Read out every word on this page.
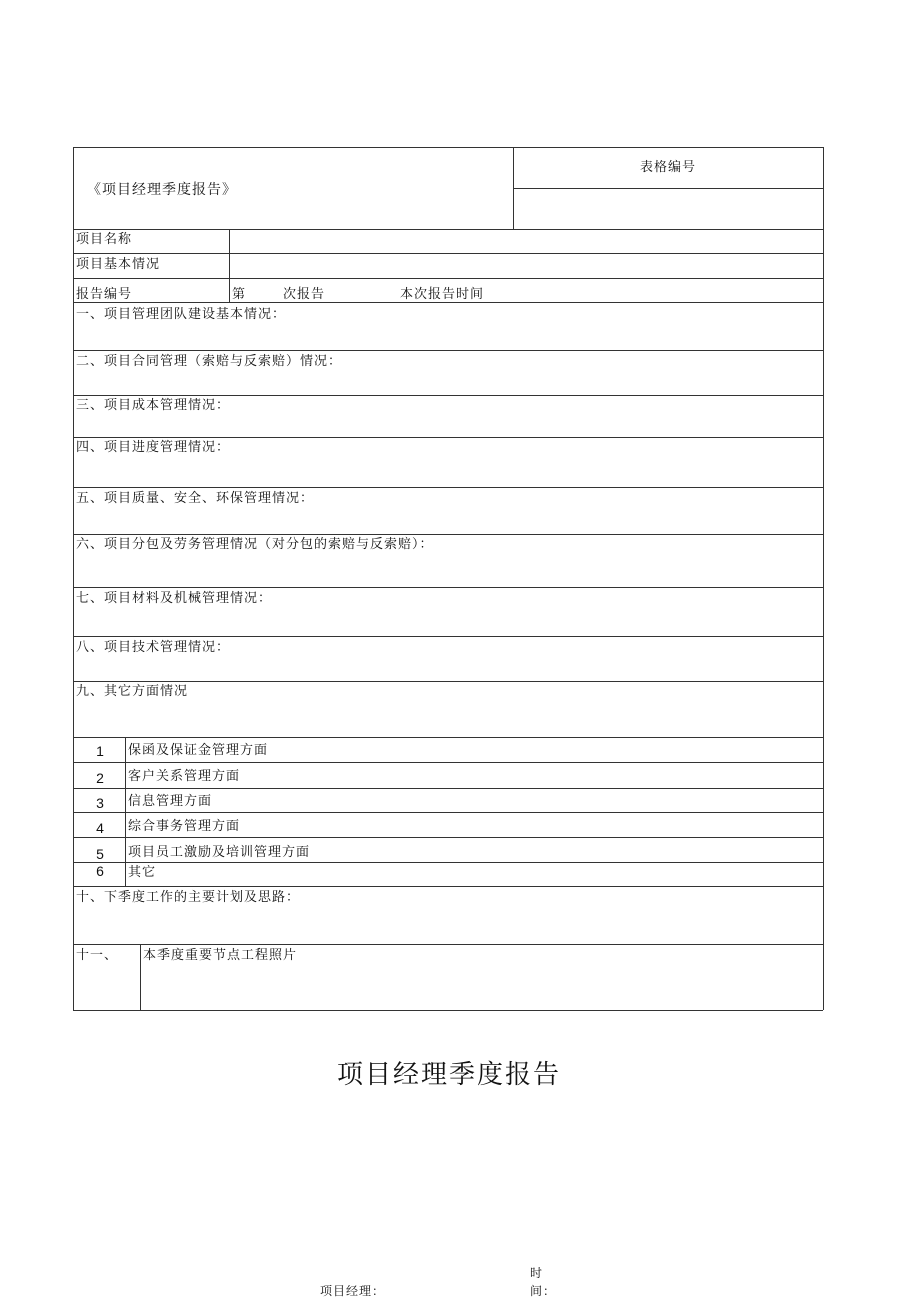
《项目经理季度报告》
表格编号
项目名称
项目基本情况
报告编号	第	次报告	本次报告时间
一、项目管理团队建设基本情况：
二、项目合同管理（索赔与反索赔）情况：
三、项目成本管理情况：
四、项目进度管理情况：
五、项目质量、安全、环保管理情况：
六、项目分包及劳务管理情况（对分包的索赔与反索赔）：
七、项目材料及机械管理情况：
八、项目技术管理情况：
九、其它方面情况
1	保函及保证金管理方面
2	客户关系管理方面
3	信息管理方面
4	综合事务管理方面
5	项目员工激励及培训管理方面
6	其它
十、下季度工作的主要计划及思路：
十一、 本季度重要节点工程照片
项目经理季度报告
项目经理：
时
间：
